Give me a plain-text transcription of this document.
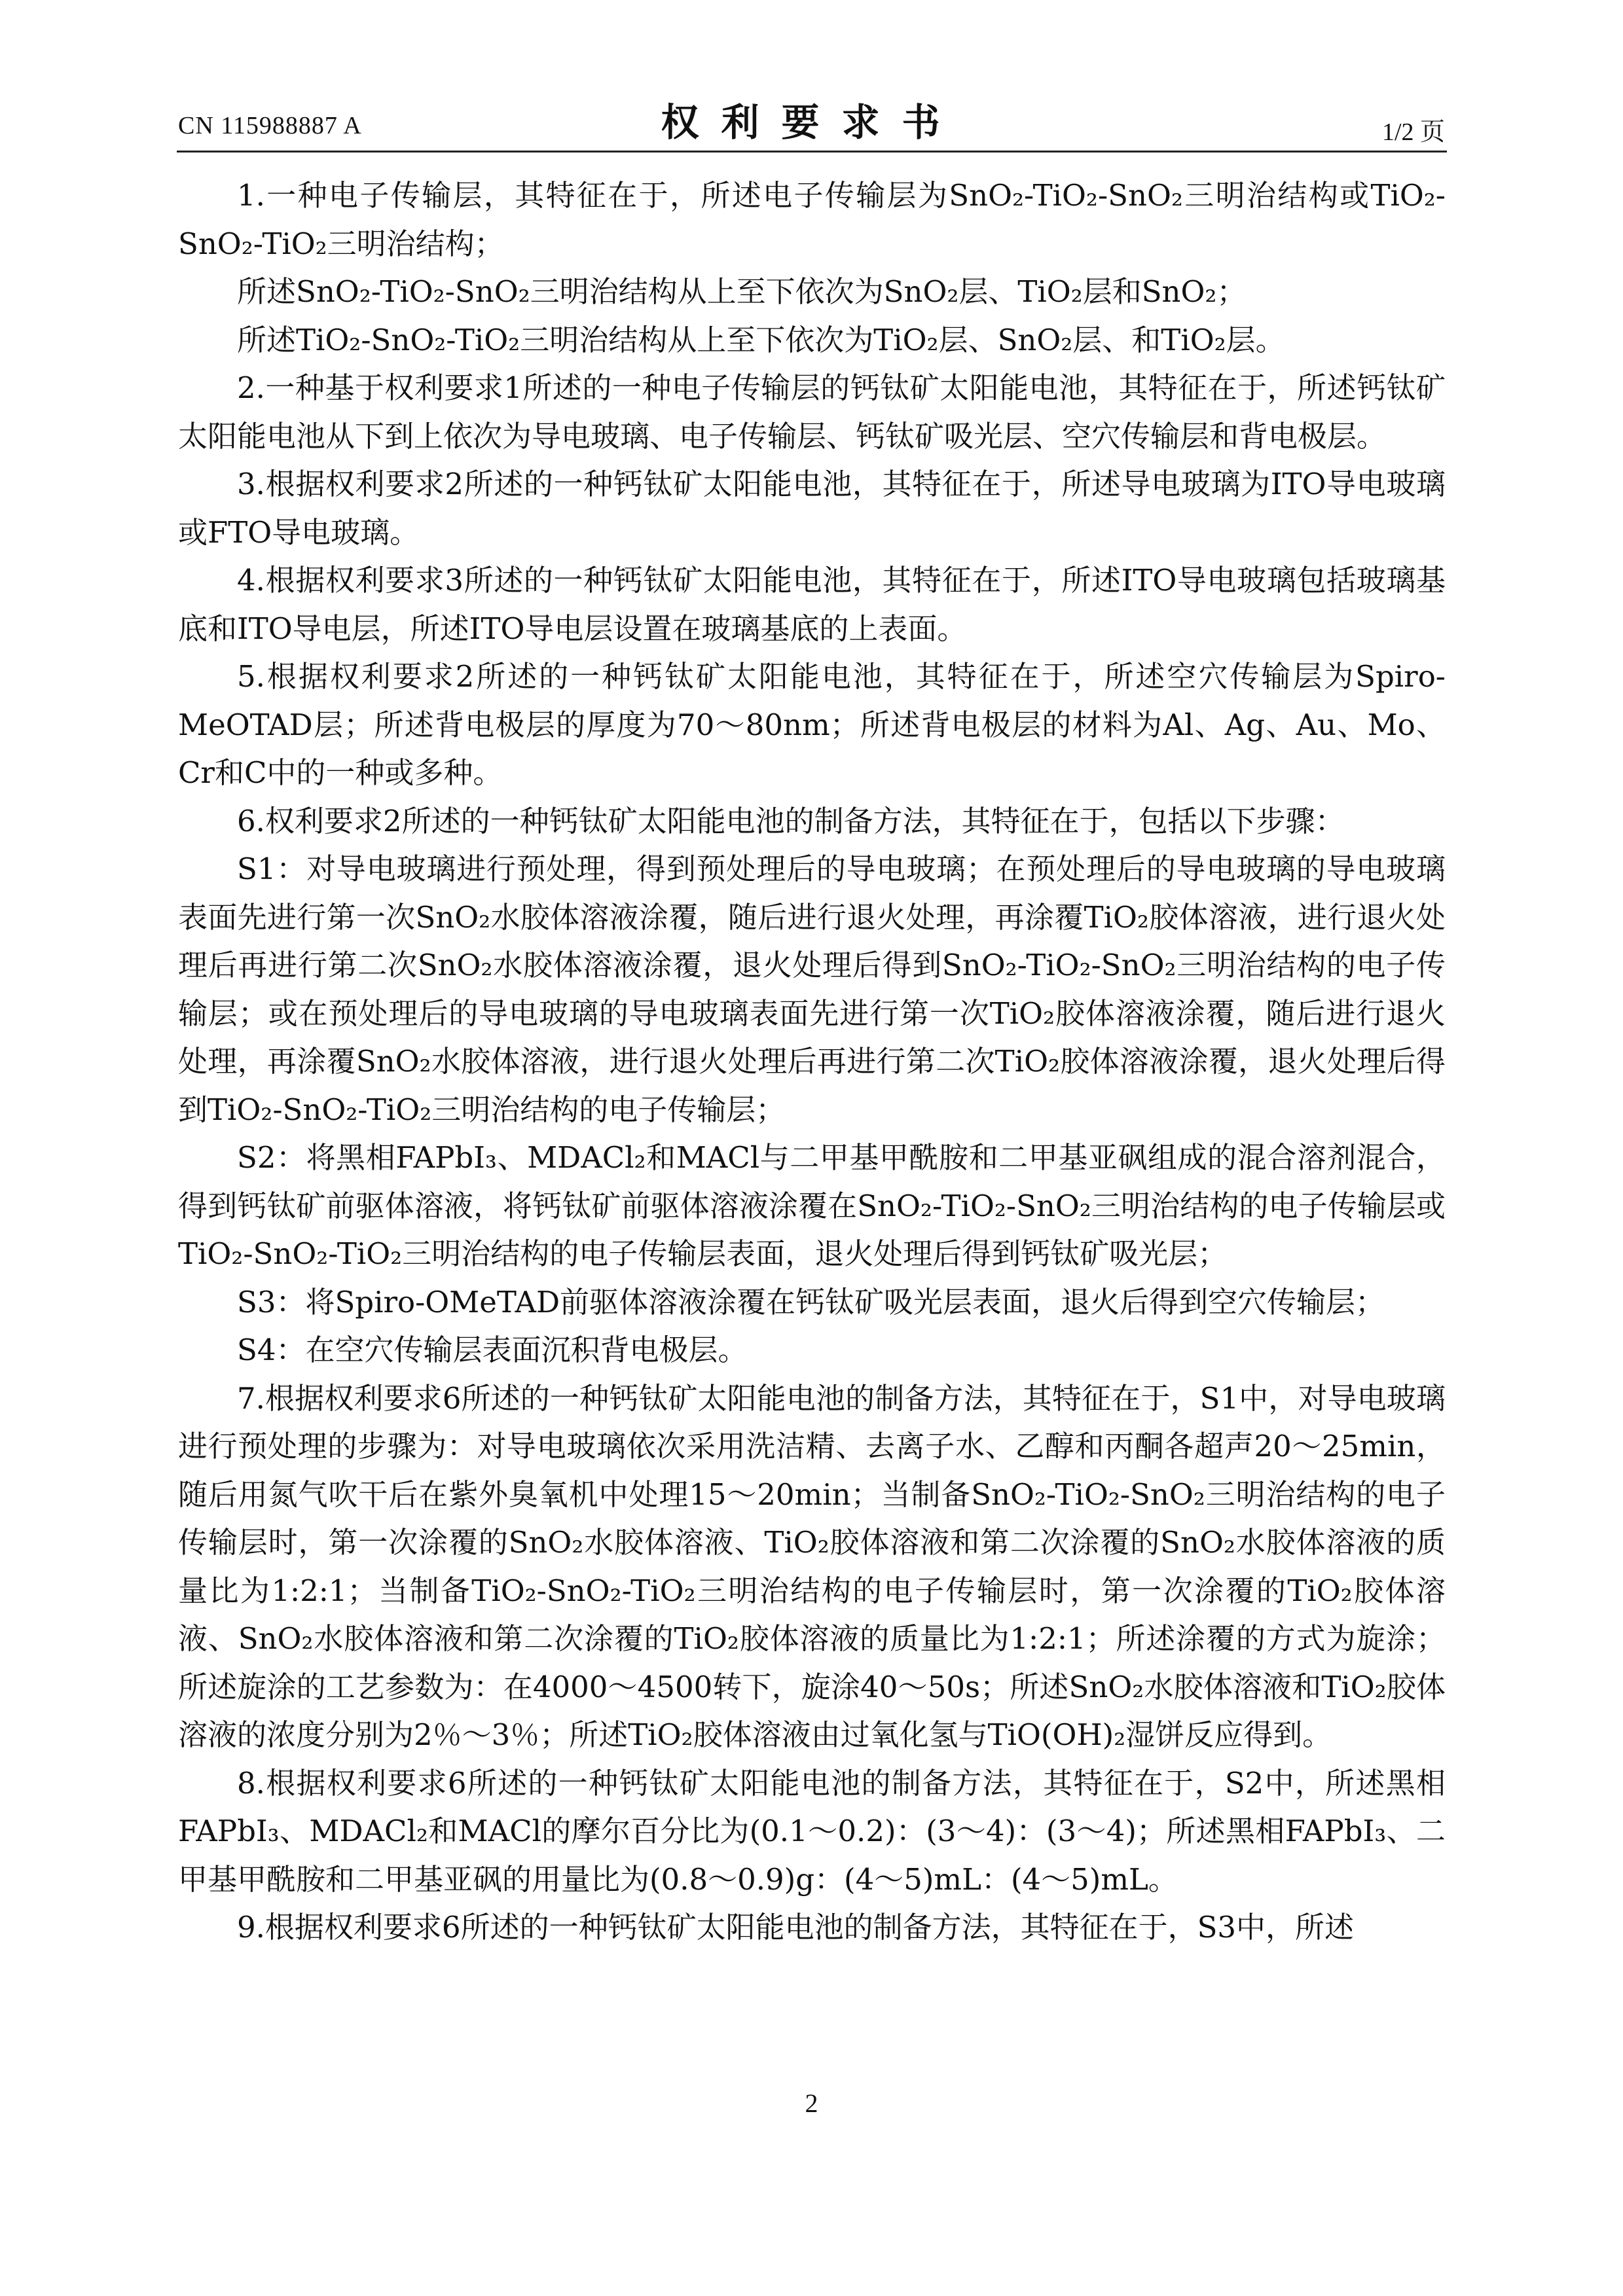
CN 115988887 A	权利要求书	1/2 页

1.一种电子传输层，其特征在于，所述电子传输层为SnO₂-TiO₂-SnO₂三明治结构或TiO₂-SnO₂-TiO₂三明治结构；

所述SnO₂-TiO₂-SnO₂三明治结构从上至下依次为SnO₂层、TiO₂层和SnO₂；

所述TiO₂-SnO₂-TiO₂三明治结构从上至下依次为TiO₂层、SnO₂层、和TiO₂层。

2.一种基于权利要求1所述的一种电子传输层的钙钛矿太阳能电池，其特征在于，所述钙钛矿太阳能电池从下到上依次为导电玻璃、电子传输层、钙钛矿吸光层、空穴传输层和背电极层。

3.根据权利要求2所述的一种钙钛矿太阳能电池，其特征在于，所述导电玻璃为ITO导电玻璃或FTO导电玻璃。

4.根据权利要求3所述的一种钙钛矿太阳能电池，其特征在于，所述ITO导电玻璃包括玻璃基底和ITO导电层，所述ITO导电层设置在玻璃基底的上表面。

5.根据权利要求2所述的一种钙钛矿太阳能电池，其特征在于，所述空穴传输层为Spiro-MeOTAD层；所述背电极层的厚度为70～80nm；所述背电极层的材料为Al、Ag、Au、Mo、Cr和C中的一种或多种。

6.权利要求2所述的一种钙钛矿太阳能电池的制备方法，其特征在于，包括以下步骤：

S1：对导电玻璃进行预处理，得到预处理后的导电玻璃；在预处理后的导电玻璃的导电玻璃表面先进行第一次SnO₂水胶体溶液涂覆，随后进行退火处理，再涂覆TiO₂胶体溶液，进行退火处理后再进行第二次SnO₂水胶体溶液涂覆，退火处理后得到SnO₂-TiO₂-SnO₂三明治结构的电子传输层；或在预处理后的导电玻璃的导电玻璃表面先进行第一次TiO₂胶体溶液涂覆，随后进行退火处理，再涂覆SnO₂水胶体溶液，进行退火处理后再进行第二次TiO₂胶体溶液涂覆，退火处理后得到TiO₂-SnO₂-TiO₂三明治结构的电子传输层；

S2：将黑相FAPbI₃、MDACl₂和MACl与二甲基甲酰胺和二甲基亚砜组成的混合溶剂混合，得到钙钛矿前驱体溶液，将钙钛矿前驱体溶液涂覆在SnO₂-TiO₂-SnO₂三明治结构的电子传输层或TiO₂-SnO₂-TiO₂三明治结构的电子传输层表面，退火处理后得到钙钛矿吸光层；

S3：将Spiro-OMeTAD前驱体溶液涂覆在钙钛矿吸光层表面，退火后得到空穴传输层；

S4：在空穴传输层表面沉积背电极层。

7.根据权利要求6所述的一种钙钛矿太阳能电池的制备方法，其特征在于，S1中，对导电玻璃进行预处理的步骤为：对导电玻璃依次采用洗洁精、去离子水、乙醇和丙酮各超声20～25min，随后用氮气吹干后在紫外臭氧机中处理15～20min；当制备SnO₂-TiO₂-SnO₂三明治结构的电子传输层时，第一次涂覆的SnO₂水胶体溶液、TiO₂胶体溶液和第二次涂覆的SnO₂水胶体溶液的质量比为1:2:1；当制备TiO₂-SnO₂-TiO₂三明治结构的电子传输层时，第一次涂覆的TiO₂胶体溶液、SnO₂水胶体溶液和第二次涂覆的TiO₂胶体溶液的质量比为1:2:1；所述涂覆的方式为旋涂；所述旋涂的工艺参数为：在4000～4500转下，旋涂40～50s；所述SnO₂水胶体溶液和TiO₂胶体溶液的浓度分别为2％～3％；所述TiO₂胶体溶液由过氧化氢与TiO(OH)₂湿饼反应得到。

8.根据权利要求6所述的一种钙钛矿太阳能电池的制备方法，其特征在于，S2中，所述黑相FAPbI₃、MDACl₂和MACl的摩尔百分比为(0.1～0.2)：(3～4)：(3～4)；所述黑相FAPbI₃、二甲基甲酰胺和二甲基亚砜的用量比为(0.8～0.9)g：(4～5)mL：(4～5)mL。

9.根据权利要求6所述的一种钙钛矿太阳能电池的制备方法，其特征在于，S3中，所述

2
